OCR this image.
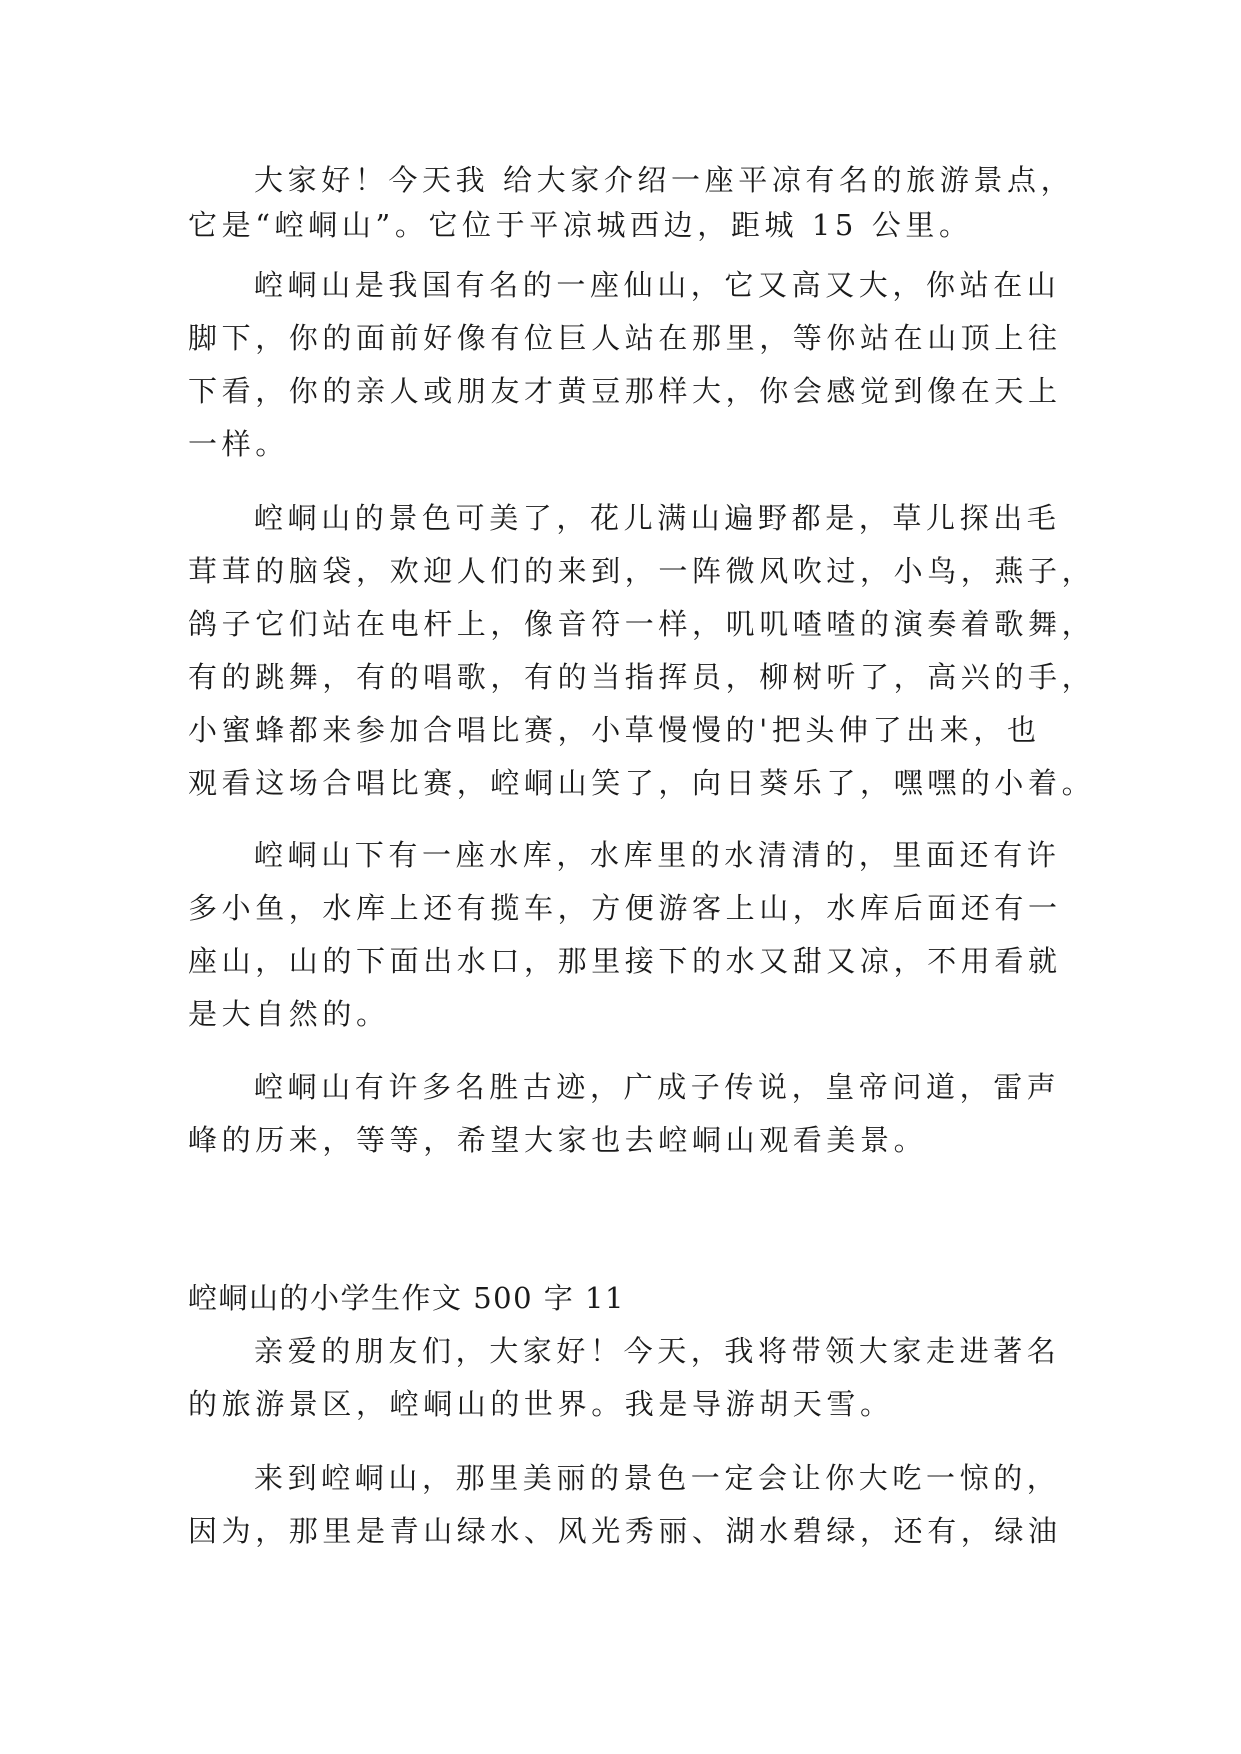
大家好！今天我 给大家介绍一座平凉有名的旅游景点，
它是“崆峒山”。它位于平凉城西边，距城 15 公里。
崆峒山是我国有名的一座仙山，它又高又大，你站在山
脚下，你的面前好像有位巨人站在那里，等你站在山顶上往
下看，你的亲人或朋友才黄豆那样大，你会感觉到像在天上
一样。
崆峒山的景色可美了，花儿满山遍野都是，草儿探出毛
茸茸的脑袋，欢迎人们的来到，一阵微风吹过，小鸟，燕子，
鸽子它们站在电杆上，像音符一样，叽叽喳喳的演奏着歌舞，
有的跳舞，有的唱歌，有的当指挥员，柳树听了，高兴的手，
小蜜蜂都来参加合唱比赛，小草慢慢的'把头伸了出来，也
观看这场合唱比赛，崆峒山笑了，向日葵乐了，嘿嘿的小着。
崆峒山下有一座水库，水库里的水清清的，里面还有许
多小鱼，水库上还有揽车，方便游客上山，水库后面还有一
座山，山的下面出水口，那里接下的水又甜又凉，不用看就
是大自然的。
崆峒山有许多名胜古迹，广成子传说，皇帝问道，雷声
峰的历来，等等，希望大家也去崆峒山观看美景。
崆峒山的小学生作文 500 字 11
亲爱的朋友们，大家好！今天，我将带领大家走进著名
的旅游景区，崆峒山的世界。我是导游胡天雪。
来到崆峒山，那里美丽的景色一定会让你大吃一惊的，
因为，那里是青山绿水、风光秀丽、湖水碧绿，还有，绿油
